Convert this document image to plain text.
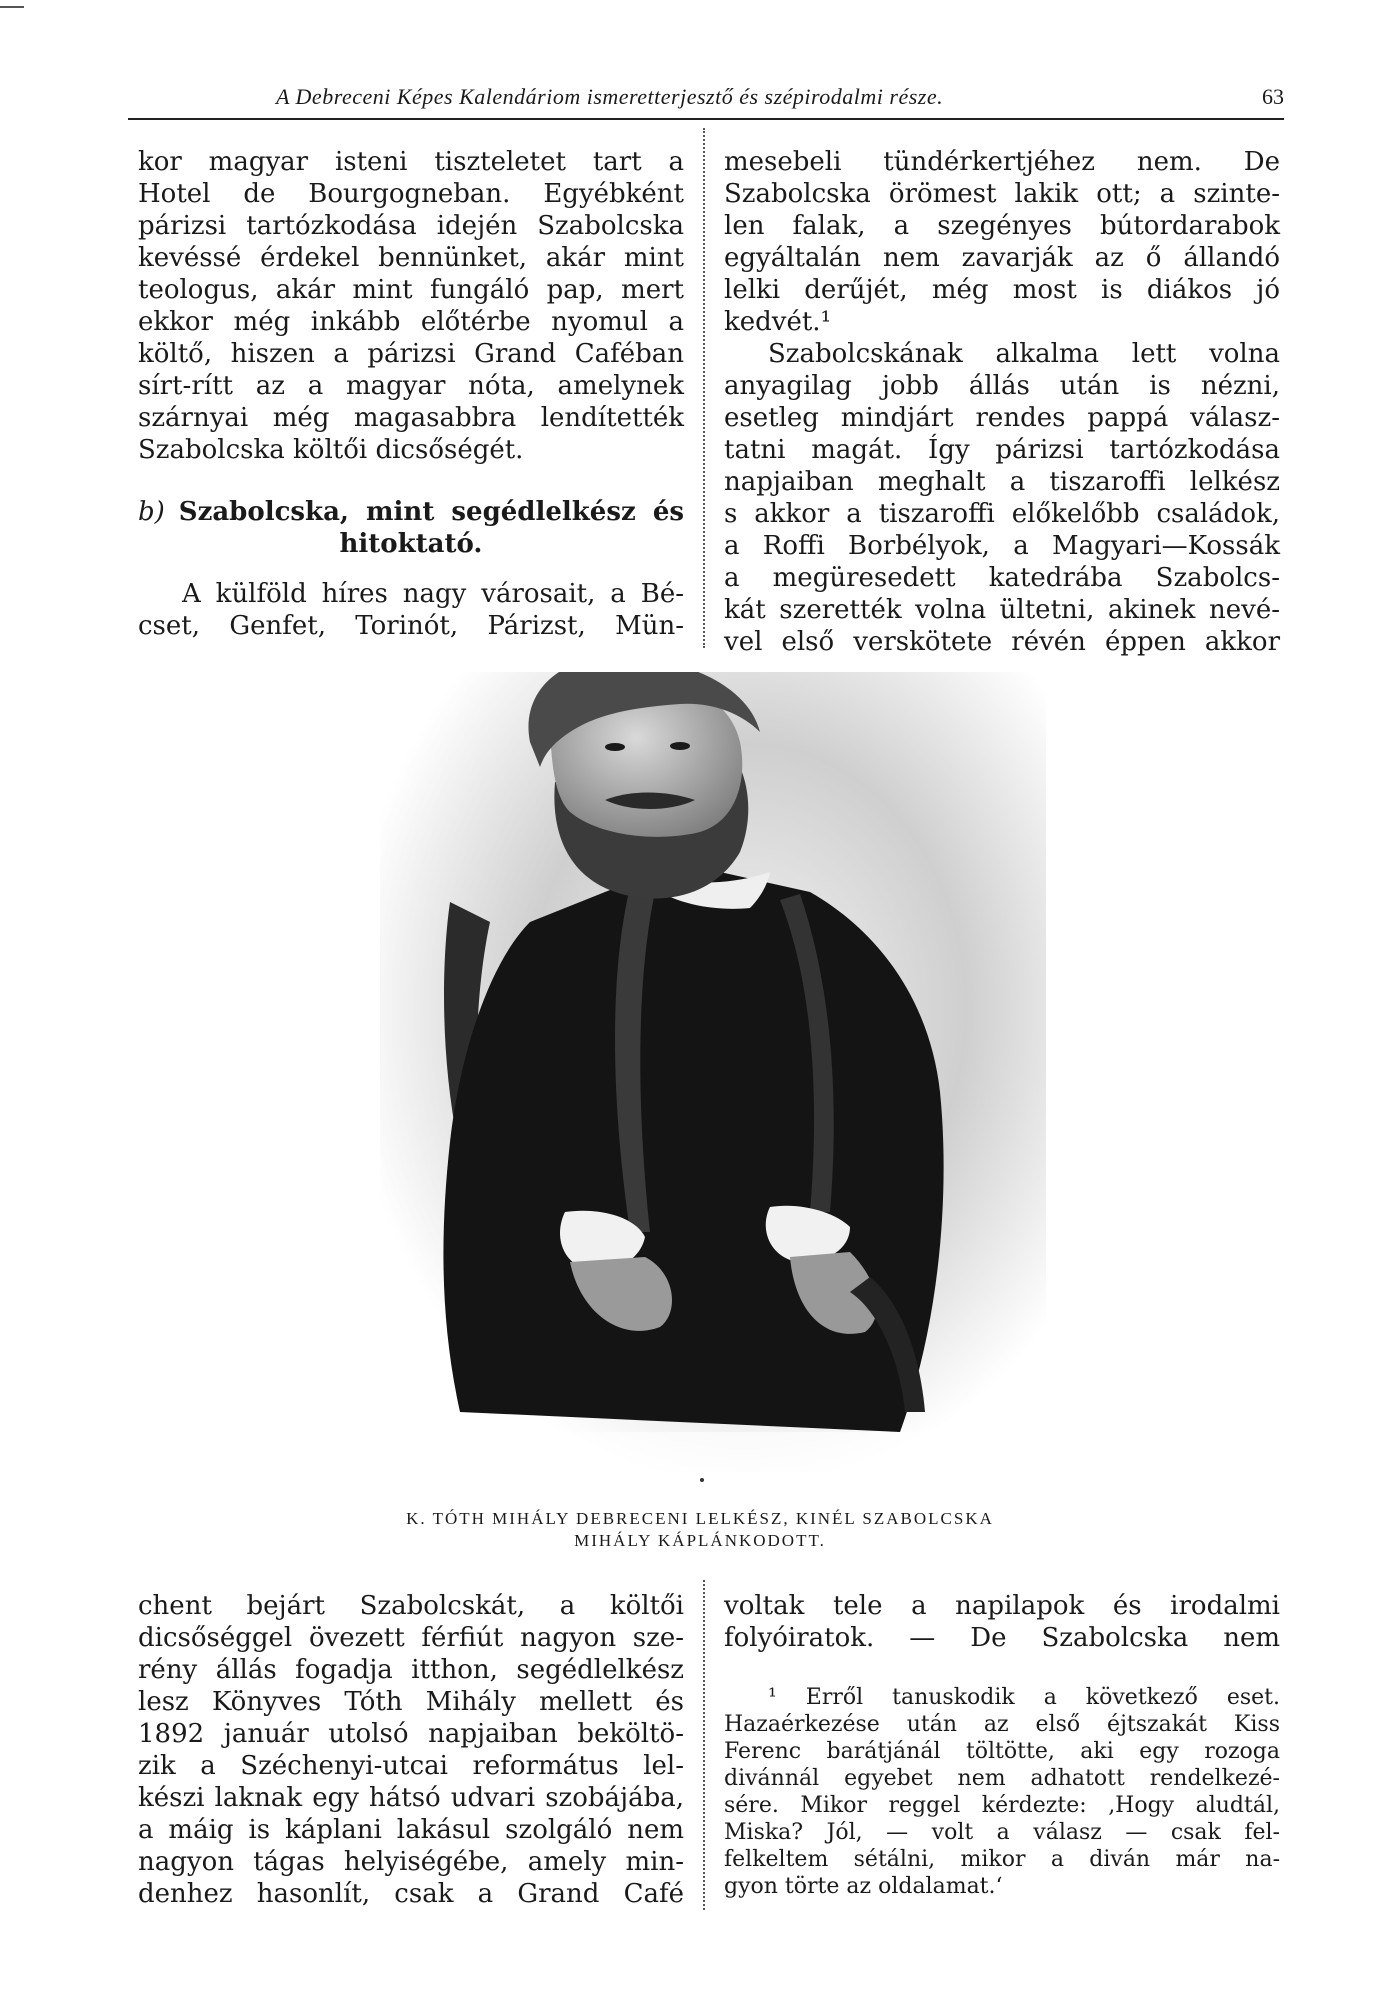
A Debreceni Képes Kalendáriom ismeretterjesztő és szépirodalmi része.	63
kor magyar isteni tiszteletet tart a
Hotel de Bourgogneban. Egyébként
párizsi tartózkodása idején Szabolcska
kevéssé érdekel bennünket, akár mint
teologus, akár mint fungáló pap, mert
ekkor még inkább előtérbe nyomul a
költő, hiszen a párizsi Grand Caféban
sírt-rítt az a magyar nóta, amelynek
szárnyai még magasabbra lendítették
Szabolcska költői dicsőségét.
b) Szabolcska, mint segédlelkész és
hitoktató.
A külföld híres nagy városait, a Bé-
cset, Genfet, Torinót, Párizst, Mün-
mesebeli tündérkertjéhez nem. De
Szabolcska örömest lakik ott; a szinte-
len falak, a szegényes bútordarabok
egyáltalán nem zavarják az ő állandó
lelki derűjét, még most is diákos jó
kedvét.¹
Szabolcskának alkalma lett volna
anyagilag jobb állás után is nézni,
esetleg mindjárt rendes pappá válasz-
tatni magát. Így párizsi tartózkodása
napjaiban meghalt a tiszaroffi lelkész
s akkor a tiszaroffi előkelőbb családok,
a Roffi Borbélyok, a Magyari—Kossák
a megüresedett katedrába Szabolcs-
kát szerették volna ültetni, akinek nevé-
vel első verskötete révén éppen akkor
K. TÓTH MIHÁLY DEBRECENI LELKÉSZ, KINÉL SZABOLCSKA
MIHÁLY KÁPLÁNKODOTT.
chent bejárt Szabolcskát, a költői
dicsőséggel övezett férfiút nagyon sze-
rény állás fogadja itthon, segédlelkész
lesz Könyves Tóth Mihály mellett és
1892 január utolsó napjaiban beköltö-
zik a Széchenyi-utcai református lel-
készi laknak egy hátsó udvari szobájába,
a máig is káplani lakásul szolgáló nem
nagyon tágas helyiségébe, amely min-
denhez hasonlít, csak a Grand Café
voltak tele a napilapok és irodalmi
folyóiratok. — De Szabolcska nem
¹ Erről tanuskodik a következő eset.
Hazaérkezése után az első éjtszakát Kiss
Ferenc barátjánál töltötte, aki egy rozoga
divánnál egyebet nem adhatott rendelkezé-
sére. Mikor reggel kérdezte: ‚Hogy aludtál,
Miska? Jól, — volt a válasz — csak fel-
felkeltem sétálni, mikor a diván már na-
gyon törte az oldalamat.‘
